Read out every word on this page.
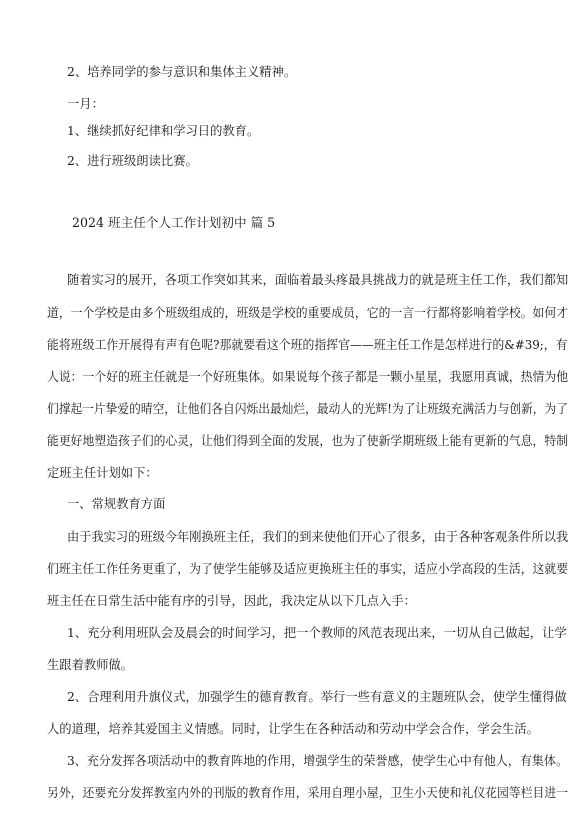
2、培养同学的参与意识和集体主义精神。
一月：
1、继续抓好纪律和学习日的教育。
2、进行班级朗读比赛。
2024 班主任个人工作计划初中 篇 5
随着实习的展开，各项工作突如其来，面临着最头疼最具挑战力的就是班主任工作，我们都知
道，一个学校是由多个班级组成的，班级是学校的重要成员，它的一言一行都将影响着学校。如何才
能将班级工作开展得有声有色呢?那就要看这个班的指挥官——班主任工作是怎样进行的&#39;，有
人说：一个好的班主任就是一个好班集体。如果说每个孩子都是一颗小星星，我愿用真诚，热情为他
们撑起一片挚爱的晴空，让他们各自闪烁出最灿烂，最动人的光辉!为了让班级充满活力与创新，为了
能更好地塑造孩子们的心灵，让他们得到全面的发展，也为了使新学期班级上能有更新的气息，特制
定班主任计划如下：
一、常规教育方面
由于我实习的班级今年刚换班主任，我们的到来使他们开心了很多，由于各种客观条件所以我
们班主任工作任务更重了，为了使学生能够及适应更换班主任的事实，适应小学高段的生活，这就要
班主任在日常生活中能有序的引导，因此，我决定从以下几点入手：
1、充分利用班队会及晨会的时间学习，把一个教师的风范表现出来，一切从自己做起，让学
生跟着教师做。
2、合理利用升旗仪式，加强学生的德育教育。举行一些有意义的主题班队会，使学生懂得做
人的道理，培养其爱国主义情感。同时，让学生在各种活动和劳动中学会合作，学会生活。
3、充分发挥各项活动中的教育阵地的作用，增强学生的荣誉感，使学生心中有他人，有集体。
另外，还要充分发挥教室内外的刊版的教育作用，采用自理小屋，卫生小天使和礼仪花园等栏目进一
